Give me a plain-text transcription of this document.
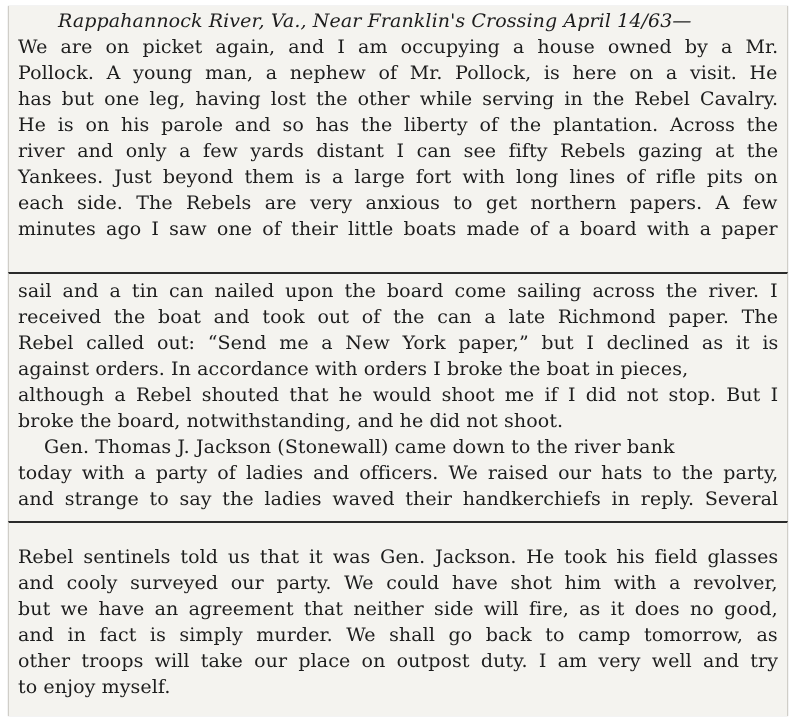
Rappahannock River, Va., Near Franklin's Crossing April 14/63—
We are on picket again, and I am occupying a house owned by a Mr.
Pollock. A young man, a nephew of Mr. Pollock, is here on a visit. He
has but one leg, having lost the other while serving in the Rebel Cavalry.
He is on his parole and so has the liberty of the plantation. Across the
river and only a few yards distant I can see fifty Rebels gazing at the
Yankees. Just beyond them is a large fort with long lines of rifle pits on
each side. The Rebels are very anxious to get northern papers. A few
minutes ago I saw one of their little boats made of a board with a paper
sail and a tin can nailed upon the board come sailing across the river. I
received the boat and took out of the can a late Richmond paper. The
Rebel called out: “Send me a New York paper,” but I declined as it is
against orders. In accordance with orders I broke the boat in pieces,
although a Rebel shouted that he would shoot me if I did not stop. But I
broke the board, notwithstanding, and he did not shoot.
Gen. Thomas J. Jackson (Stonewall) came down to the river bank
today with a party of ladies and officers. We raised our hats to the party,
and strange to say the ladies waved their handkerchiefs in reply. Several
Rebel sentinels told us that it was Gen. Jackson. He took his field glasses
and cooly surveyed our party. We could have shot him with a revolver,
but we have an agreement that neither side will fire, as it does no good,
and in fact is simply murder. We shall go back to camp tomorrow, as
other troops will take our place on outpost duty. I am very well and try
to enjoy myself.
